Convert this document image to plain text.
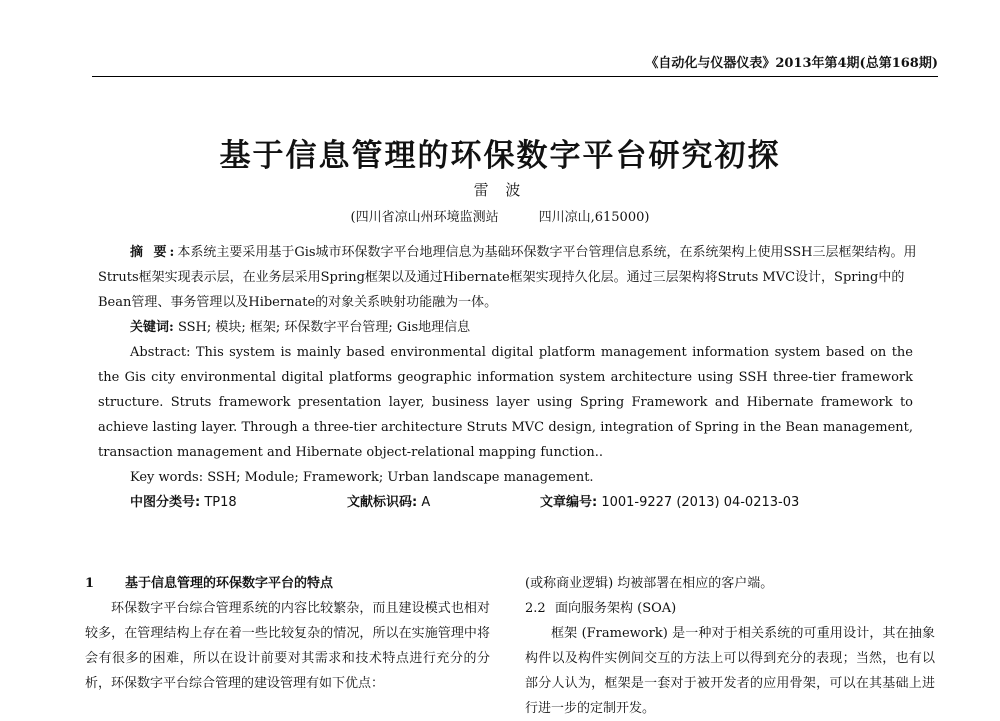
《自动化与仪器仪表》2013年第4期(总第168期)
基于信息管理的环保数字平台研究初探
雷 波
(四川省凉山州环境监测站	四川凉山,615000)
摘 要:本系统主要采用基于Gis城市环保数字平台地理信息为基础环保数字平台管理信息系统，在系统架构上使用SSH三层框架结构。用Struts框架实现表示层，在业务层采用Spring框架以及通过Hibernate框架实现持久化层。通过三层架构将Struts MVC设计，Spring中的Bean管理、事务管理以及Hibernate的对象关系映射功能融为一体。
关键词: SSH; 模块; 框架; 环保数字平台管理; Gis地理信息
Abstract: This system is mainly based environmental digital platform management information system based on the the Gis city environmental digital platforms geographic information system architecture using SSH three-tier framework structure. Struts framework presentation layer, business layer using Spring Framework and Hibernate framework to achieve lasting layer. Through a three-tier architecture Struts MVC design, integration of Spring in the Bean management, transaction management and Hibernate object-relational mapping function..
Key words: SSH; Module; Framework; Urban landscape management.
中图分类号: TP18	文献标识码: A	文章编号: 1001-9227 (2013) 04-0213-03
1 基于信息管理的环保数字平台的特点
环保数字平台综合管理系统的内容比较繁杂，而且建设模式也相对较多，在管理结构上存在着一些比较复杂的情况，所以在实施管理中将会有很多的困难，所以在设计前要对其需求和技术特点进行充分的分析，环保数字平台综合管理的建设管理有如下优点：
(或称商业逻辑) 均被部署在相应的客户端。
2.2 面向服务架构 (SOA)
框架 (Framework) 是一种对于相关系统的可重用设计，其在抽象构件以及构件实例间交互的方法上可以得到充分的表现；当然，也有以部分人认为，框架是一套对于被开发者的应用骨架，可以在其基础上进行进一步的定制开发。
